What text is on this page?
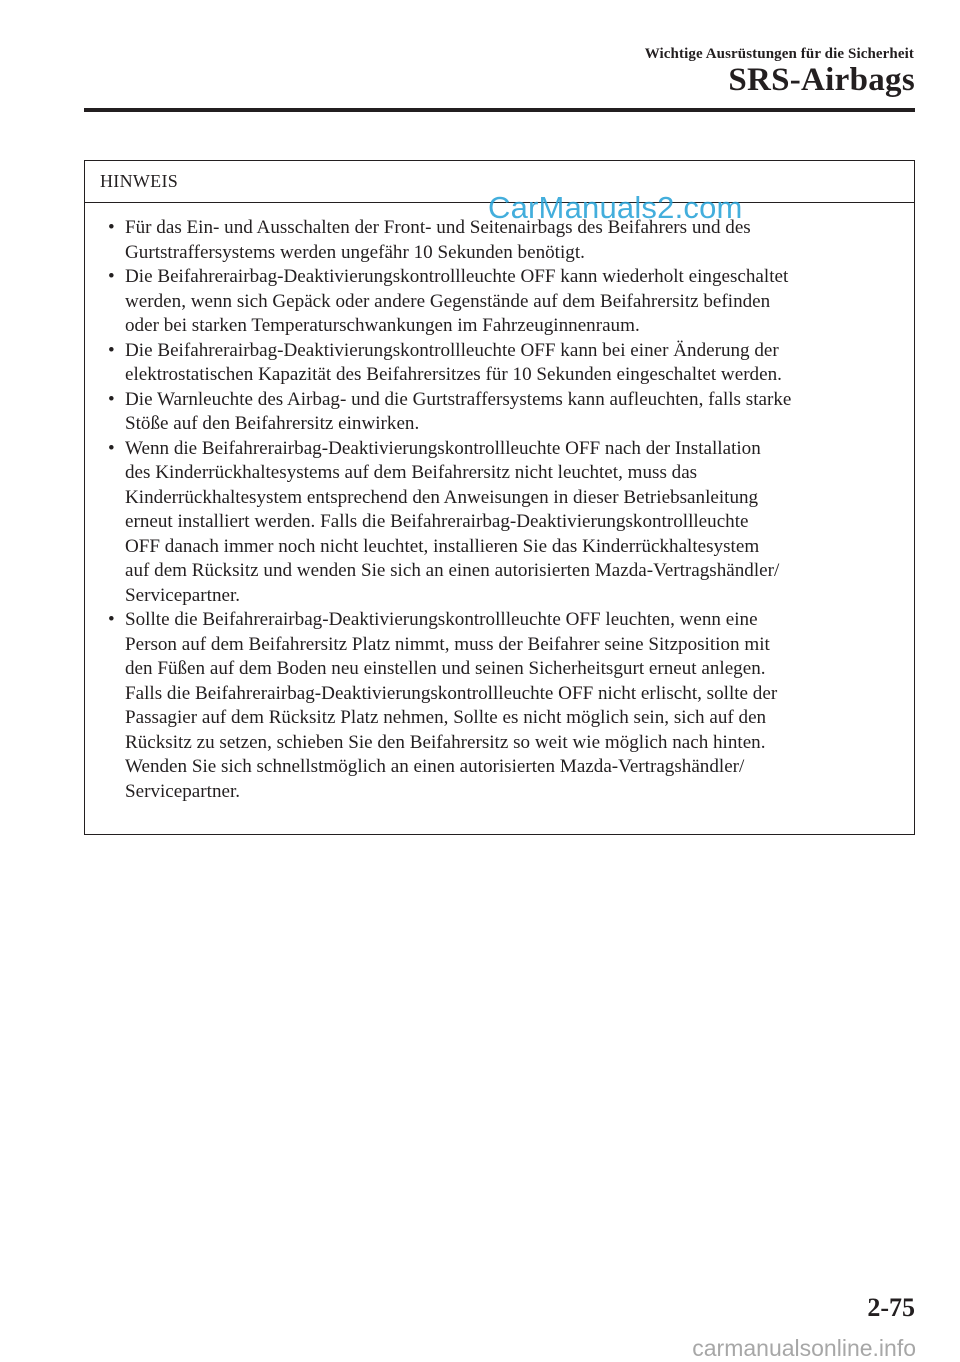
Wichtige Ausrüstungen für die Sicherheit
SRS-Airbags
HINWEIS
• Für das Ein- und Ausschalten der Front- und Seitenairbags des Beifahrers und des
Gurtstraffersystems werden ungefähr 10 Sekunden benötigt.
• Die Beifahrerairbag-Deaktivierungskontrollleuchte OFF kann wiederholt eingeschaltet
werden, wenn sich Gepäck oder andere Gegenstände auf dem Beifahrersitz befinden
oder bei starken Temperaturschwankungen im Fahrzeuginnenraum.
• Die Beifahrerairbag-Deaktivierungskontrollleuchte OFF kann bei einer Änderung der
elektrostatischen Kapazität des Beifahrersitzes für 10 Sekunden eingeschaltet werden.
• Die Warnleuchte des Airbag- und die Gurtstraffersystems kann aufleuchten, falls starke
Stöße auf den Beifahrersitz einwirken.
• Wenn die Beifahrerairbag-Deaktivierungskontrollleuchte OFF nach der Installation
des Kinderrückhaltesystems auf dem Beifahrersitz nicht leuchtet, muss das
Kinderrückhaltesystem entsprechend den Anweisungen in dieser Betriebsanleitung
erneut installiert werden. Falls die Beifahrerairbag-Deaktivierungskontrollleuchte
OFF danach immer noch nicht leuchtet, installieren Sie das Kinderrückhaltesystem
auf dem Rücksitz und wenden Sie sich an einen autorisierten Mazda-Vertragshändler/
Servicepartner.
• Sollte die Beifahrerairbag-Deaktivierungskontrollleuchte OFF leuchten, wenn eine
Person auf dem Beifahrersitz Platz nimmt, muss der Beifahrer seine Sitzposition mit
den Füßen auf dem Boden neu einstellen und seinen Sicherheitsgurt erneut anlegen.
Falls die Beifahrerairbag-Deaktivierungskontrollleuchte OFF nicht erlischt, sollte der
Passagier auf dem Rücksitz Platz nehmen, Sollte es nicht möglich sein, sich auf den
Rücksitz zu setzen, schieben Sie den Beifahrersitz so weit wie möglich nach hinten.
Wenden Sie sich schnellstmöglich an einen autorisierten Mazda-Vertragshändler/
Servicepartner.
CarManuals2.com
2-75
carmanualsonline.info
